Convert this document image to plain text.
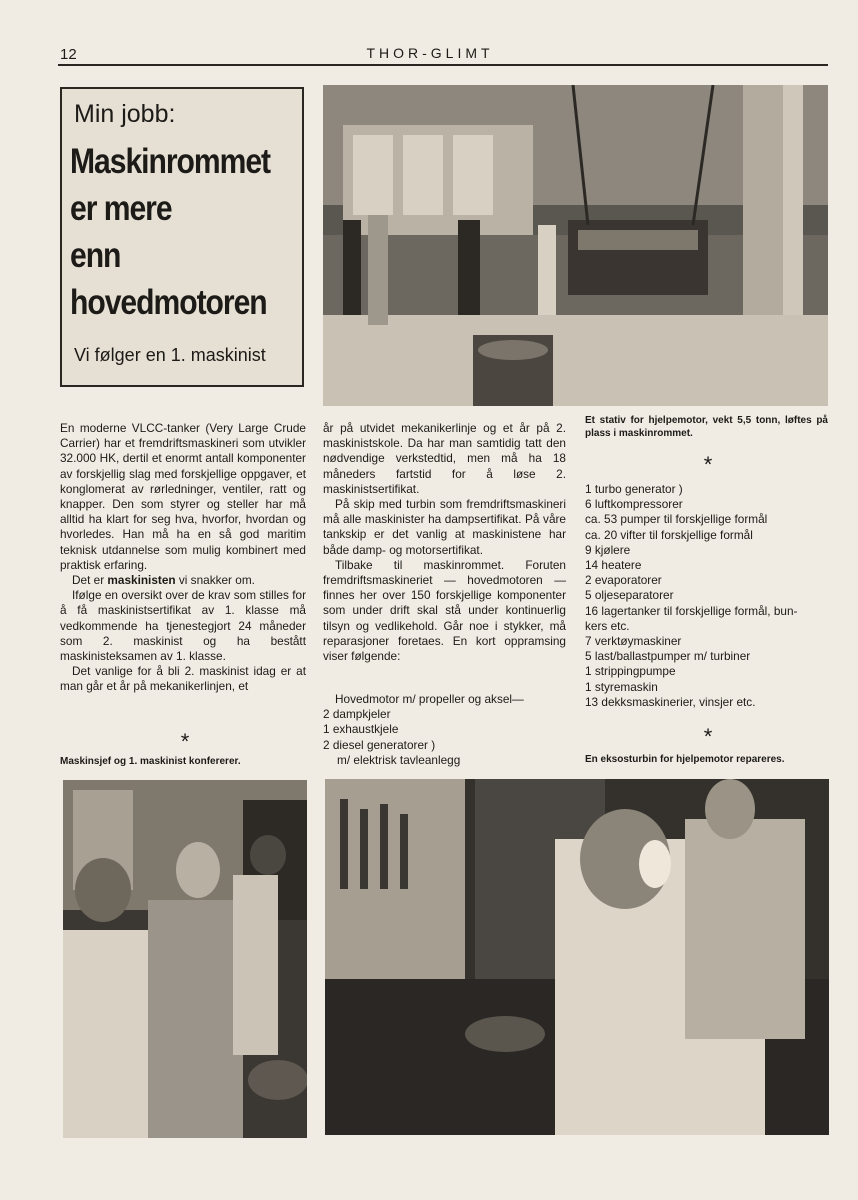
12	THOR-GLIMT
Min jobb:
Maskinrommet
er mere
enn
hovedmotoren
Vi følger en 1. maskinist

En moderne VLCC-tanker (Very Large Crude Carrier) har et fremdriftsmaskineri som utvikler 32.000 HK, dertil et enormt antall komponenter av forskjellig slag med forskjellige oppgaver, et konglomerat av rørledninger, ventiler, ratt og knapper. Den som styrer og steller har må alltid ha klart for seg hva, hvorfor, hvordan og hvorledes. Han må ha en så god maritim teknisk utdannelse som mulig kombinert med praktisk erfaring.

Det er maskinisten vi snakker om.

Ifølge en oversikt over de krav som stilles for å få maskinistsertifikat av 1. klasse må vedkommende ha tjenestegjort 24 måneder som 2. maskinist og ha bestått maskinisteksamen av 1. klasse.

Det vanlige for å bli 2. maskinist idag er at man går et år på mekanikerlinjen, et

*
Maskinsjef og 1. maskinist konfererer.

år på utvidet mekanikerlinje og et år på 2. maskinistskole. Da har man samtidig tatt den nødvendige verkstedtid, men må ha 18 måneders fartstid for å løse 2. maskinistsertifikat.

På skip med turbin som fremdriftsmaskineri må alle maskinister ha dampsertifikat. På våre tankskip er det vanlig at maskinistene har både damp- og motorsertifikat.

Tilbake til maskinrommet. Foruten fremdriftsmaskineriet — hovedmotoren — finnes her over 150 forskjellige komponenter som under drift skal stå under kontinuerlig tilsyn og vedlikehold. Går noe i stykker, må reparasjoner foretaes. En kort oppramsing viser følgende:

Hovedmotor m/ propeller og aksel—
2 dampkjeler
1 exhaustkjele
2 diesel generatorer )
m/ elektrisk tavleanlegg
Et stativ for hjelpemotor, vekt 5,5 tonn, løftes på plass i maskinrommet.
*
1 turbo generator )
6 luftkompressorer
ca. 53 pumper til forskjellige formål
ca. 20 vifter til forskjellige formål
9 kjølere
14 heatere
2 evaporatorer
5 oljeseparatorer
16 lagertanker til forskjellige formål, bun-
kers etc.
7 verktøymaskiner
5 last/ballastpumper m/ turbiner
1 strippingpumpe
1 styremaskin
13 dekksmaskinerier, vinsjer etc.
*
En eksosturbin for hjelpemotor repareres.
